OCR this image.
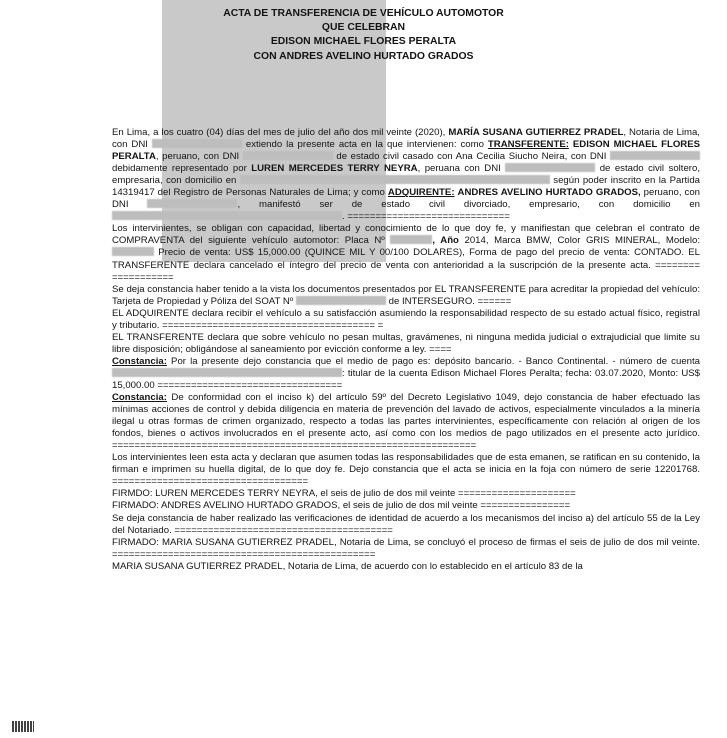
ACTA DE TRANSFERENCIA DE VEHÍCULO AUTOMOTOR
QUE CELEBRAN
EDISON MICHAEL FLORES PERALTA
CON ANDRES AVELINO HURTADO GRADOS

En Lima, a los cuatro (04) días del mes de julio del año dos mil veinte (2020), MARÍA SUSANA GUTIERREZ PRADEL, Notaria de Lima, con DNI	extiendo la presente acta en la que intervienen: como TRANSFERENTE: EDISON MICHAEL FLORES PERALTA, peruano, con DNI	de estado civil casado con Ana Cecilia Siucho Neira, con DNI  debidamente representado por LUREN MERCEDES TERRY NEYRA, peruana con DNI	de estado civil soltero, empresaria, con domicilio en	según poder inscrito en la Partida 14319417 del Registro de Personas Naturales de Lima; y como ADQUIRENTE: ANDRES AVELINO HURTADO GRADOS, peruano, con DNI	, manifestó ser de estado civil divorciado, empresario, con domicilio en . =============================

Los intervinientes, se obligan con capacidad, libertad y conocimiento de lo que doy fe, y manifiestan que celebran el contrato de COMPRAVENTA del siguiente vehículo automotor: Placa Nº	, Año 2014, Marca BMW, Color GRIS MINERAL, Modelo:  Precio de venta: US$ 15,000.00 (QUINCE MIL Y 00/100 DOLARES), Forma de pago del precio de venta: CONTADO. EL TRANSFERENTE declara cancelado el íntegro del precio de venta con anterioridad a la suscripción de la presente acta. ======== ===========

Se deja constancia haber tenido a la vista los documentos presentados por EL TRANSFERENTE para acreditar la propiedad del vehículo: Tarjeta de Propiedad y Póliza del SOAT Nº	de INTERSEGURO. ======

EL ADQUIRENTE declara recibir el vehículo a su satisfacción asumiendo la responsabilidad respecto de su estado actual físico, registral y tributario. ====================================== =

EL TRANSFERENTE declara que sobre vehículo no pesan multas, gravámenes, ni ninguna medida judicial o extrajudicial que limite su libre disposición; obligándose al saneamiento por evicción conforme a ley. ====

Constancia: Por la presente dejo constancia que el medio de pago es: depósito bancario. - Banco Continental. - número de cuenta : titular de la cuenta Edison Michael Flores Peralta; fecha: 03.07.2020, Monto: US$ 15,000.00 =================================

Constancia: De conformidad con el inciso k) del artículo 59º del Decreto Legislativo 1049, dejo constancia de haber efectuado las mínimas acciones de control y debida diligencia en materia de prevención del lavado de activos, especialmente vinculados a la minería ilegal u otras formas de crimen organizado, respecto a todas las partes intervinientes, específicamente con relación al origen de los fondos, bienes o activos involucrados en el presente acto, así como con los medios de pago utilizados en el presente acto jurídico. =================================================================

Los intervinientes leen esta acta y declaran que asumen todas las responsabilidades que de esta emanen, se ratifican en su contenido, la firman e imprimen su huella digital, de lo que doy fe. Dejo constancia que el acta se inicia en la foja con número de serie 12201768. ===================================

FIRMDO: LUREN MERCEDES TERRY NEYRA, el seis de julio de dos mil veinte =====================

FIRMADO: ANDRES AVELINO HURTADO GRADOS, el seis de julio de dos mil veinte ================

Se deja constancia de haber realizado las verificaciones de identidad de acuerdo a los mecanismos del inciso a) del artículo 55 de la Ley del Notariado. =======================================

FIRMADO: MARIA SUSANA GUTIERREZ PRADEL, Notaria de Lima, se concluyó el proceso de firmas el seis de julio de dos mil veinte. ===============================================

MARIA SUSANA GUTIERREZ PRADEL, Notaria de Lima, de acuerdo con lo establecido en el artículo 83 de la
